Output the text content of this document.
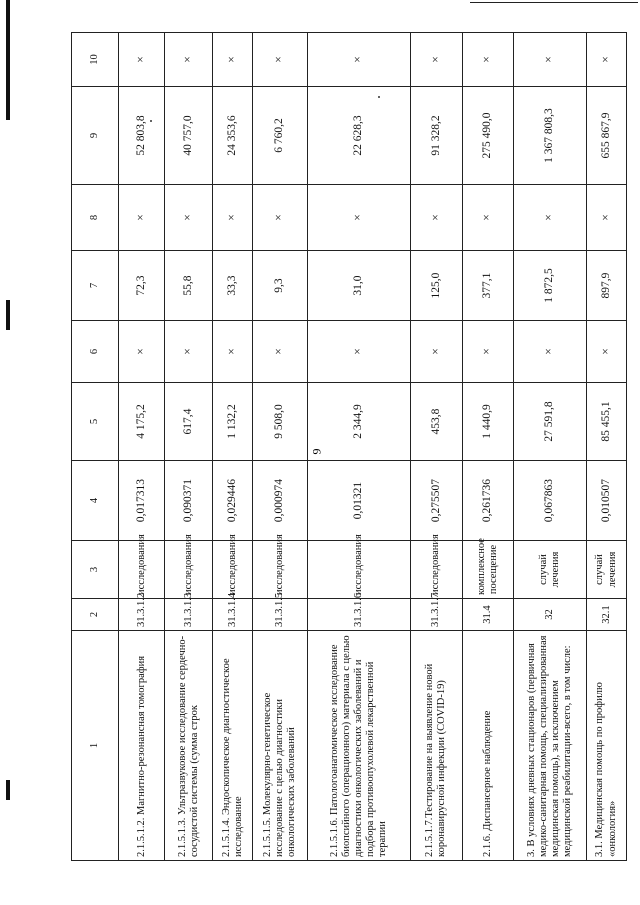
9
1	2	3	4	5	6	7	8	9	10
2.1.5.1.2. Магнитно-резонансная томография	31.3.1.2	исследования	0,017313	4 175,2	×	72,3	×	52 803,8	×
2.1.5.1.3. Ультразвуковое исследование сердечно-сосудистой системы (сумма строк	31.3.1.3	исследования	0,090371	617,4	×	55,8	×	40 757,0	×
2.1.5.1.4. Эндоскопическое диагностическое исследование	31.3.1.4	исследования	0,029446	1 132,2	×	33,3	×	24 353,6	×
2.1.5.1.5. Молекулярно-генетическое исследование с целью диагностики онкологических заболеваний	31.3.1.5	исследования	0,000974	9 508,0	×	9,3	×	6 760,2	×
2.1.5.1.6. Патологоанатомическое исследование биопсийного (операционного) материала с целью диагностики онкологических заболеваний и подбора противоопухолевой лекарственной терапии	31.3.1.6	исследования	0,01321	2 344,9	×	31,0	×	22 628,3	×
2.1.5.1.7.Тестирование на выявление новой коронавирусной инфекции (COVID-19)	31.3.1.7	исследования	0,275507	453,8	×	125,0	×	91 328,2	×
2.1.6. Диспансерное наблюдение	31.4	комплексное посещение	0,261736	1 440,9	×	377,1	×	275 490,0	×
3. В условиях дневных стационаров (первичная медико-санитарная помощь, специализированная медицинская помощь), за исключением медицинской реабилитации-всего, в том числе:	32	случай лечения	0,067863	27 591,8	×	1 872,5	×	1 367 808,3	×
3.1. Медицинская помощь по профилю «онкология»	32.1	случай лечения	0,010507	85 455,1	×	897,9	×	655 867,9	×
